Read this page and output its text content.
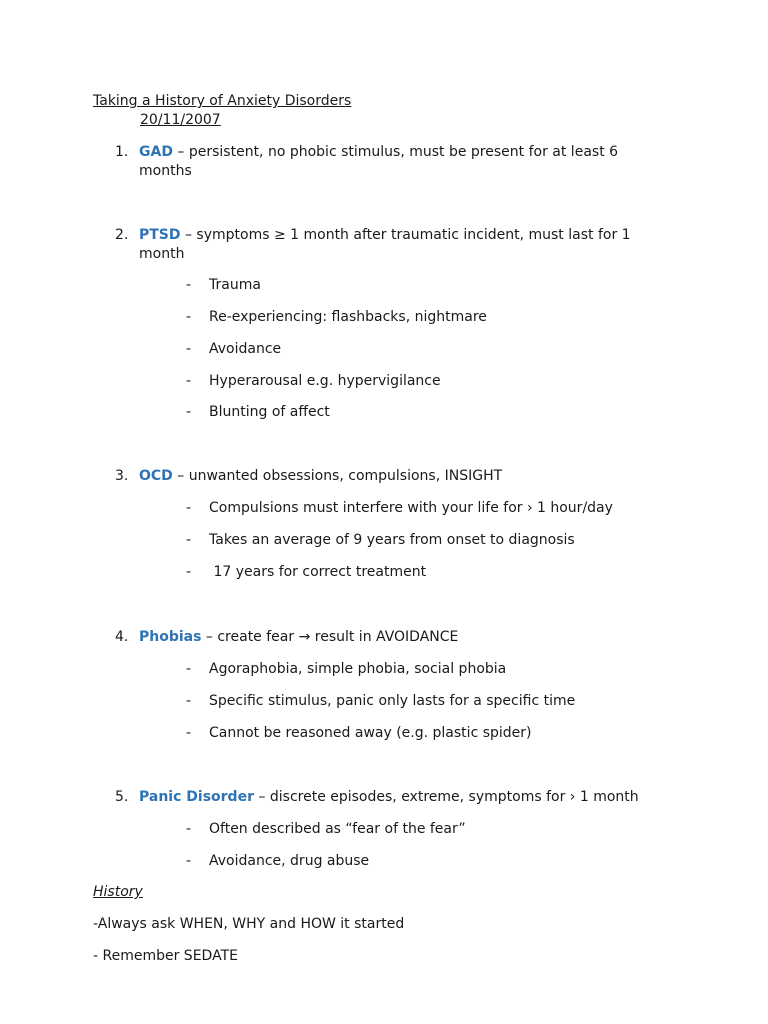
Taking a History of Anxiety Disorders
20/11/2007
1. GAD – persistent, no phobic stimulus, must be present for at least 6 months
2. PTSD – symptoms ≥ 1 month after traumatic incident, must last for 1 month
- Trauma
- Re-experiencing: flashbacks, nightmare
- Avoidance
- Hyperarousal e.g. hypervigilance
- Blunting of affect
3. OCD – unwanted obsessions, compulsions, INSIGHT
- Compulsions must interfere with your life for › 1 hour/day
- Takes an average of 9 years from onset to diagnosis
- 17 years for correct treatment
4. Phobias – create fear → result in AVOIDANCE
- Agoraphobia, simple phobia, social phobia
- Specific stimulus, panic only lasts for a specific time
- Cannot be reasoned away (e.g. plastic spider)
5. Panic Disorder – discrete episodes, extreme, symptoms for › 1 month
- Often described as “fear of the fear”
- Avoidance, drug abuse
History
-Always ask WHEN, WHY and HOW it started
- Remember SEDATE
